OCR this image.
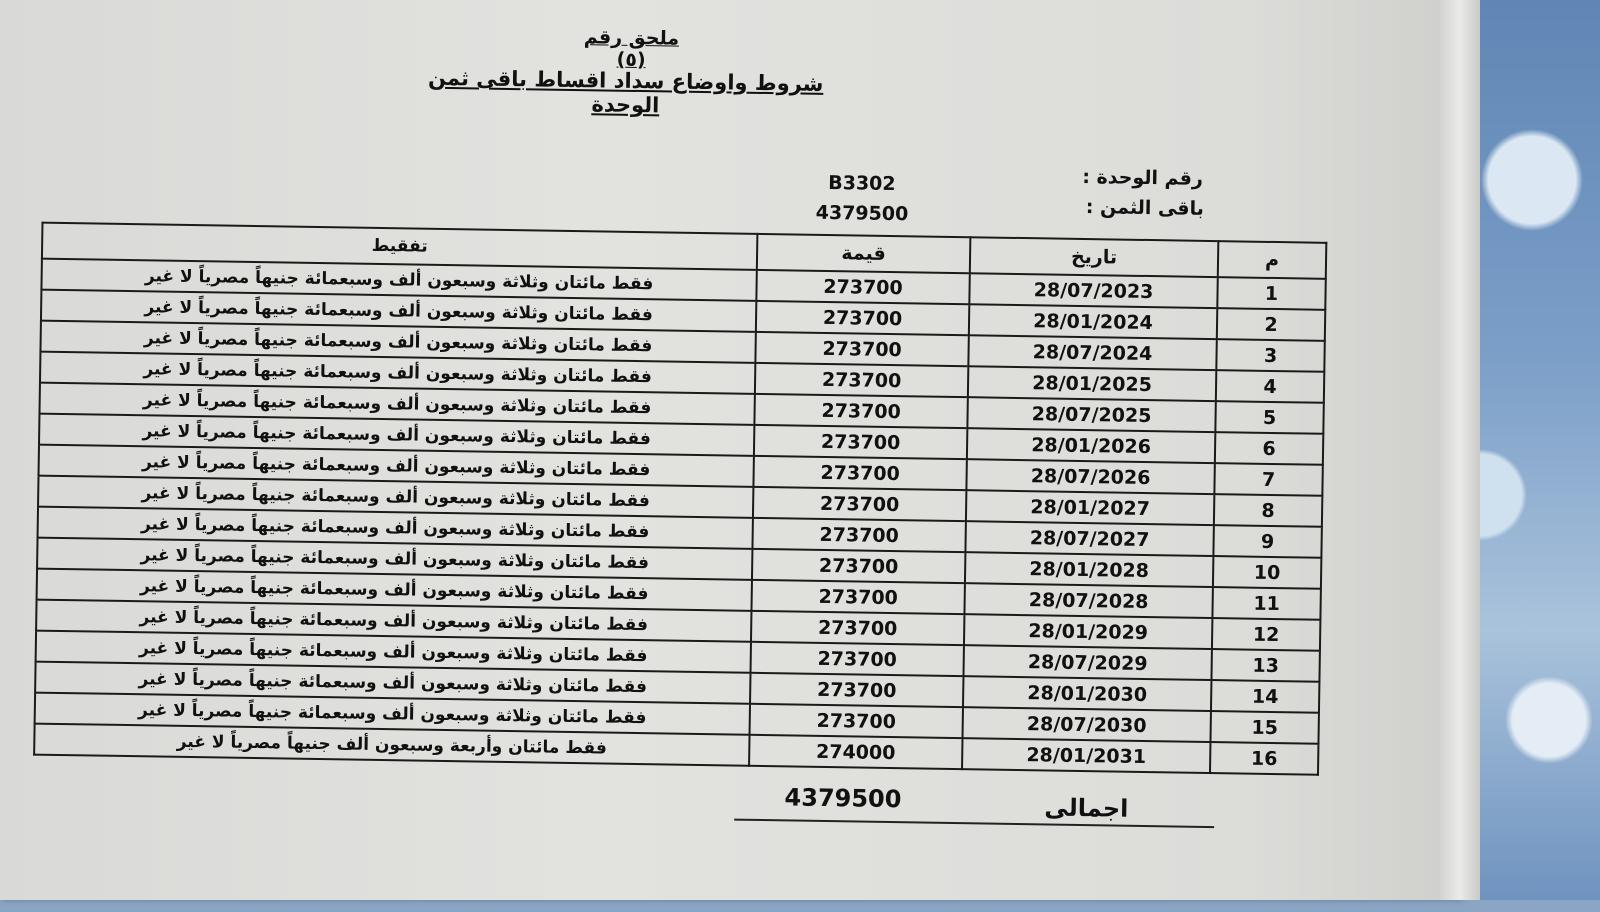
ملحق رقم (٥)
شروط واوضاع سداد اقساط باقى ثمن الوحدة
رقم الوحدة :
B3302
باقى الثمن :
4379500
م	تاريخ	قيمة	تفقيط
1	28/07/2023	273700	فقط مائتان وثلاثة وسبعون ألف وسبعمائة جنيهاً مصرياً لا غير
2	28/01/2024	273700	فقط مائتان وثلاثة وسبعون ألف وسبعمائة جنيهاً مصرياً لا غير
3	28/07/2024	273700	فقط مائتان وثلاثة وسبعون ألف وسبعمائة جنيهاً مصرياً لا غير
4	28/01/2025	273700	فقط مائتان وثلاثة وسبعون ألف وسبعمائة جنيهاً مصرياً لا غير
5	28/07/2025	273700	فقط مائتان وثلاثة وسبعون ألف وسبعمائة جنيهاً مصرياً لا غير
6	28/01/2026	273700	فقط مائتان وثلاثة وسبعون ألف وسبعمائة جنيهاً مصرياً لا غير
7	28/07/2026	273700	فقط مائتان وثلاثة وسبعون ألف وسبعمائة جنيهاً مصرياً لا غير
8	28/01/2027	273700	فقط مائتان وثلاثة وسبعون ألف وسبعمائة جنيهاً مصرياً لا غير
9	28/07/2027	273700	فقط مائتان وثلاثة وسبعون ألف وسبعمائة جنيهاً مصرياً لا غير
10	28/01/2028	273700	فقط مائتان وثلاثة وسبعون ألف وسبعمائة جنيهاً مصرياً لا غير
11	28/07/2028	273700	فقط مائتان وثلاثة وسبعون ألف وسبعمائة جنيهاً مصرياً لا غير
12	28/01/2029	273700	فقط مائتان وثلاثة وسبعون ألف وسبعمائة جنيهاً مصرياً لا غير
13	28/07/2029	273700	فقط مائتان وثلاثة وسبعون ألف وسبعمائة جنيهاً مصرياً لا غير
14	28/01/2030	273700	فقط مائتان وثلاثة وسبعون ألف وسبعمائة جنيهاً مصرياً لا غير
15	28/07/2030	273700	فقط مائتان وثلاثة وسبعون ألف وسبعمائة جنيهاً مصرياً لا غير
16	28/01/2031	274000	فقط مائتان وأربعة وسبعون ألف جنيهاً مصرياً لا غير
اجمالى
4379500
